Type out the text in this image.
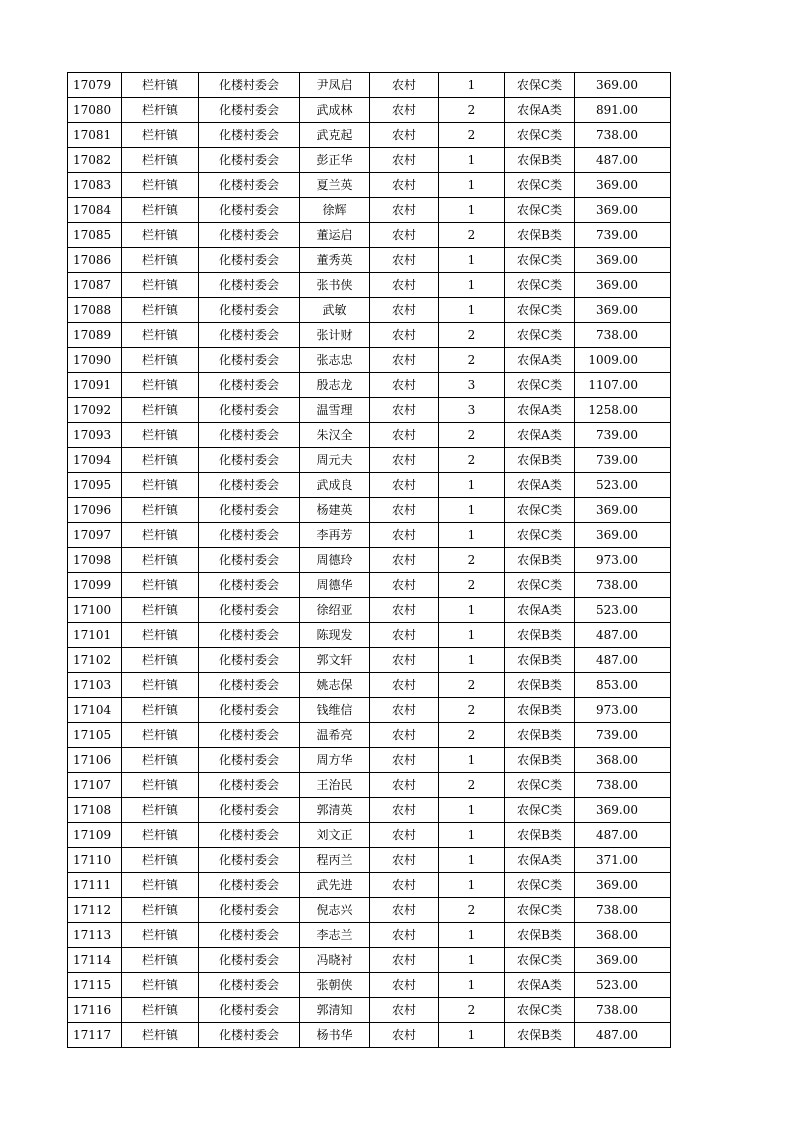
17079	栏杆镇	化楼村委会	尹凤启	农村	1	农保C类	369.00
17080	栏杆镇	化楼村委会	武成林	农村	2	农保A类	891.00
17081	栏杆镇	化楼村委会	武克起	农村	2	农保C类	738.00
17082	栏杆镇	化楼村委会	彭正华	农村	1	农保B类	487.00
17083	栏杆镇	化楼村委会	夏兰英	农村	1	农保C类	369.00
17084	栏杆镇	化楼村委会	徐辉	农村	1	农保C类	369.00
17085	栏杆镇	化楼村委会	董运启	农村	2	农保B类	739.00
17086	栏杆镇	化楼村委会	董秀英	农村	1	农保C类	369.00
17087	栏杆镇	化楼村委会	张书侠	农村	1	农保C类	369.00
17088	栏杆镇	化楼村委会	武敏	农村	1	农保C类	369.00
17089	栏杆镇	化楼村委会	张计财	农村	2	农保C类	738.00
17090	栏杆镇	化楼村委会	张志忠	农村	2	农保A类	1009.00
17091	栏杆镇	化楼村委会	殷志龙	农村	3	农保C类	1107.00
17092	栏杆镇	化楼村委会	温雪理	农村	3	农保A类	1258.00
17093	栏杆镇	化楼村委会	朱汉全	农村	2	农保A类	739.00
17094	栏杆镇	化楼村委会	周元夫	农村	2	农保B类	739.00
17095	栏杆镇	化楼村委会	武成良	农村	1	农保A类	523.00
17096	栏杆镇	化楼村委会	杨建英	农村	1	农保C类	369.00
17097	栏杆镇	化楼村委会	李再芳	农村	1	农保C类	369.00
17098	栏杆镇	化楼村委会	周德玲	农村	2	农保B类	973.00
17099	栏杆镇	化楼村委会	周德华	农村	2	农保C类	738.00
17100	栏杆镇	化楼村委会	徐绍亚	农村	1	农保A类	523.00
17101	栏杆镇	化楼村委会	陈现发	农村	1	农保B类	487.00
17102	栏杆镇	化楼村委会	郭文轩	农村	1	农保B类	487.00
17103	栏杆镇	化楼村委会	姚志保	农村	2	农保B类	853.00
17104	栏杆镇	化楼村委会	钱维信	农村	2	农保B类	973.00
17105	栏杆镇	化楼村委会	温希亮	农村	2	农保B类	739.00
17106	栏杆镇	化楼村委会	周方华	农村	1	农保B类	368.00
17107	栏杆镇	化楼村委会	王治民	农村	2	农保C类	738.00
17108	栏杆镇	化楼村委会	郭清英	农村	1	农保C类	369.00
17109	栏杆镇	化楼村委会	刘文正	农村	1	农保B类	487.00
17110	栏杆镇	化楼村委会	程丙兰	农村	1	农保A类	371.00
17111	栏杆镇	化楼村委会	武先进	农村	1	农保C类	369.00
17112	栏杆镇	化楼村委会	倪志兴	农村	2	农保C类	738.00
17113	栏杆镇	化楼村委会	李志兰	农村	1	农保B类	368.00
17114	栏杆镇	化楼村委会	冯晓衬	农村	1	农保C类	369.00
17115	栏杆镇	化楼村委会	张朝侠	农村	1	农保A类	523.00
17116	栏杆镇	化楼村委会	郭清知	农村	2	农保C类	738.00
17117	栏杆镇	化楼村委会	杨书华	农村	1	农保B类	487.00
